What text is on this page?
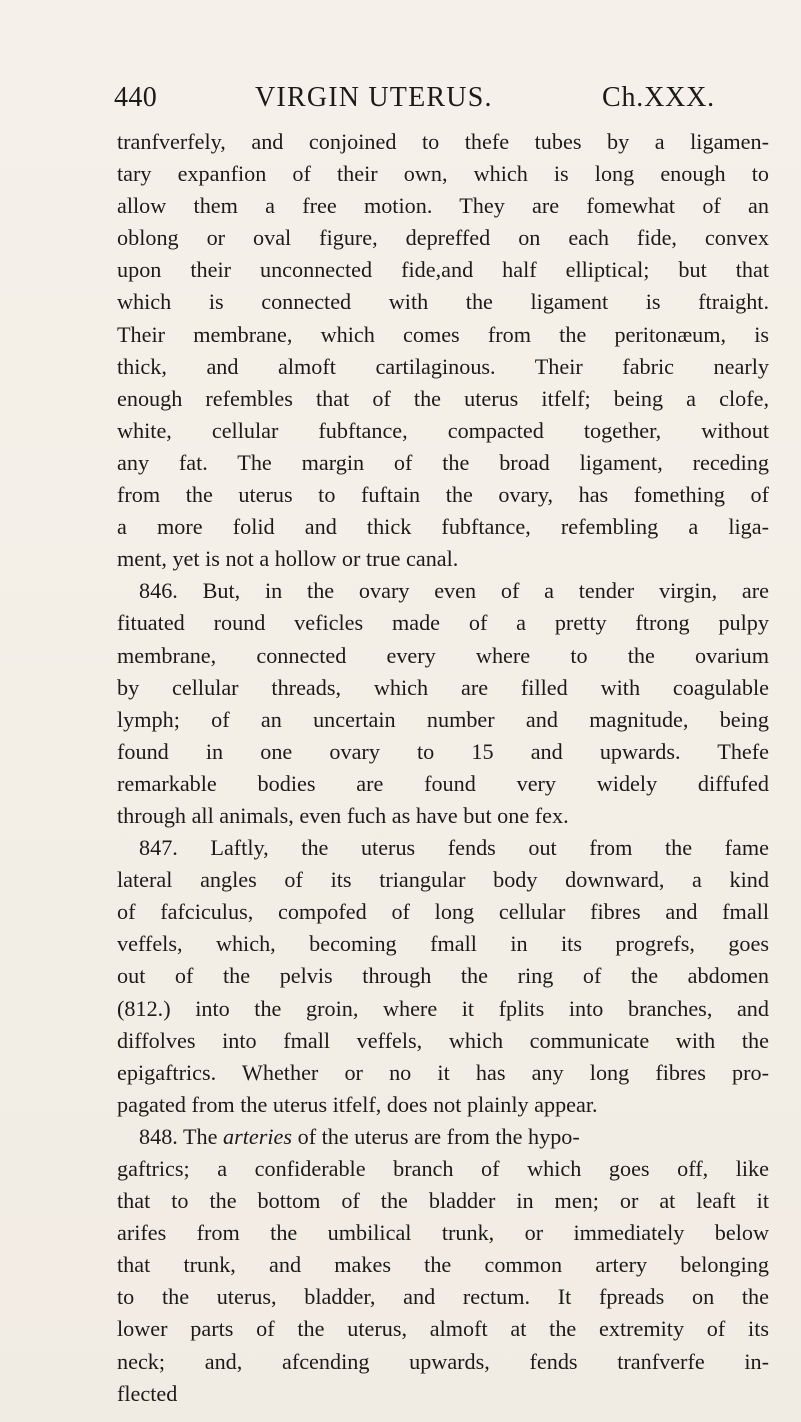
440	VIRGIN UTERUS.	Ch.XXX.
tranfverfely, and conjoined to thefe tubes by a ligamen-
tary expanfion of their own, which is long enough to
allow them a free motion. They are fomewhat of an
oblong or oval figure, depreffed on each fide, convex
upon their unconnected fide,and half elliptical; but that
which is connected with the ligament is ftraight.
Their membrane, which comes from the peritonæum, is
thick, and almoft cartilaginous. Their fabric nearly
enough refembles that of the uterus itfelf; being a clofe,
white, cellular fubftance, compacted together, without
any fat. The margin of the broad ligament, receding
from the uterus to fuftain the ovary, has fomething of
a more folid and thick fubftance, refembling a liga-
ment, yet is not a hollow or true canal.
846. But, in the ovary even of a tender virgin, are
fituated round veficles made of a pretty ftrong pulpy
membrane, connected every where to the ovarium
by cellular threads, which are filled with coagulable
lymph; of an uncertain number and magnitude, being
found in one ovary to 15 and upwards. Thefe
remarkable bodies are found very widely diffufed
through all animals, even fuch as have but one fex.
847. Laftly, the uterus fends out from the fame
lateral angles of its triangular body downward, a kind
of fafciculus, compofed of long cellular fibres and fmall
veffels, which, becoming fmall in its progrefs, goes
out of the pelvis through the ring of the abdomen
(812.) into the groin, where it fplits into branches, and
diffolves into fmall veffels, which communicate with the
epigaftrics. Whether or no it has any long fibres pro-
pagated from the uterus itfelf, does not plainly appear.
848. The arteries of the uterus are from the hypo-
gaftrics; a confiderable branch of which goes off, like
that to the bottom of the bladder in men; or at leaft it
arifes from the umbilical trunk, or immediately below
that trunk, and makes the common artery belonging
to the uterus, bladder, and rectum. It fpreads on the
lower parts of the uterus, almoft at the extremity of its
neck; and, afcending upwards, fends tranfverfe in-
flected
